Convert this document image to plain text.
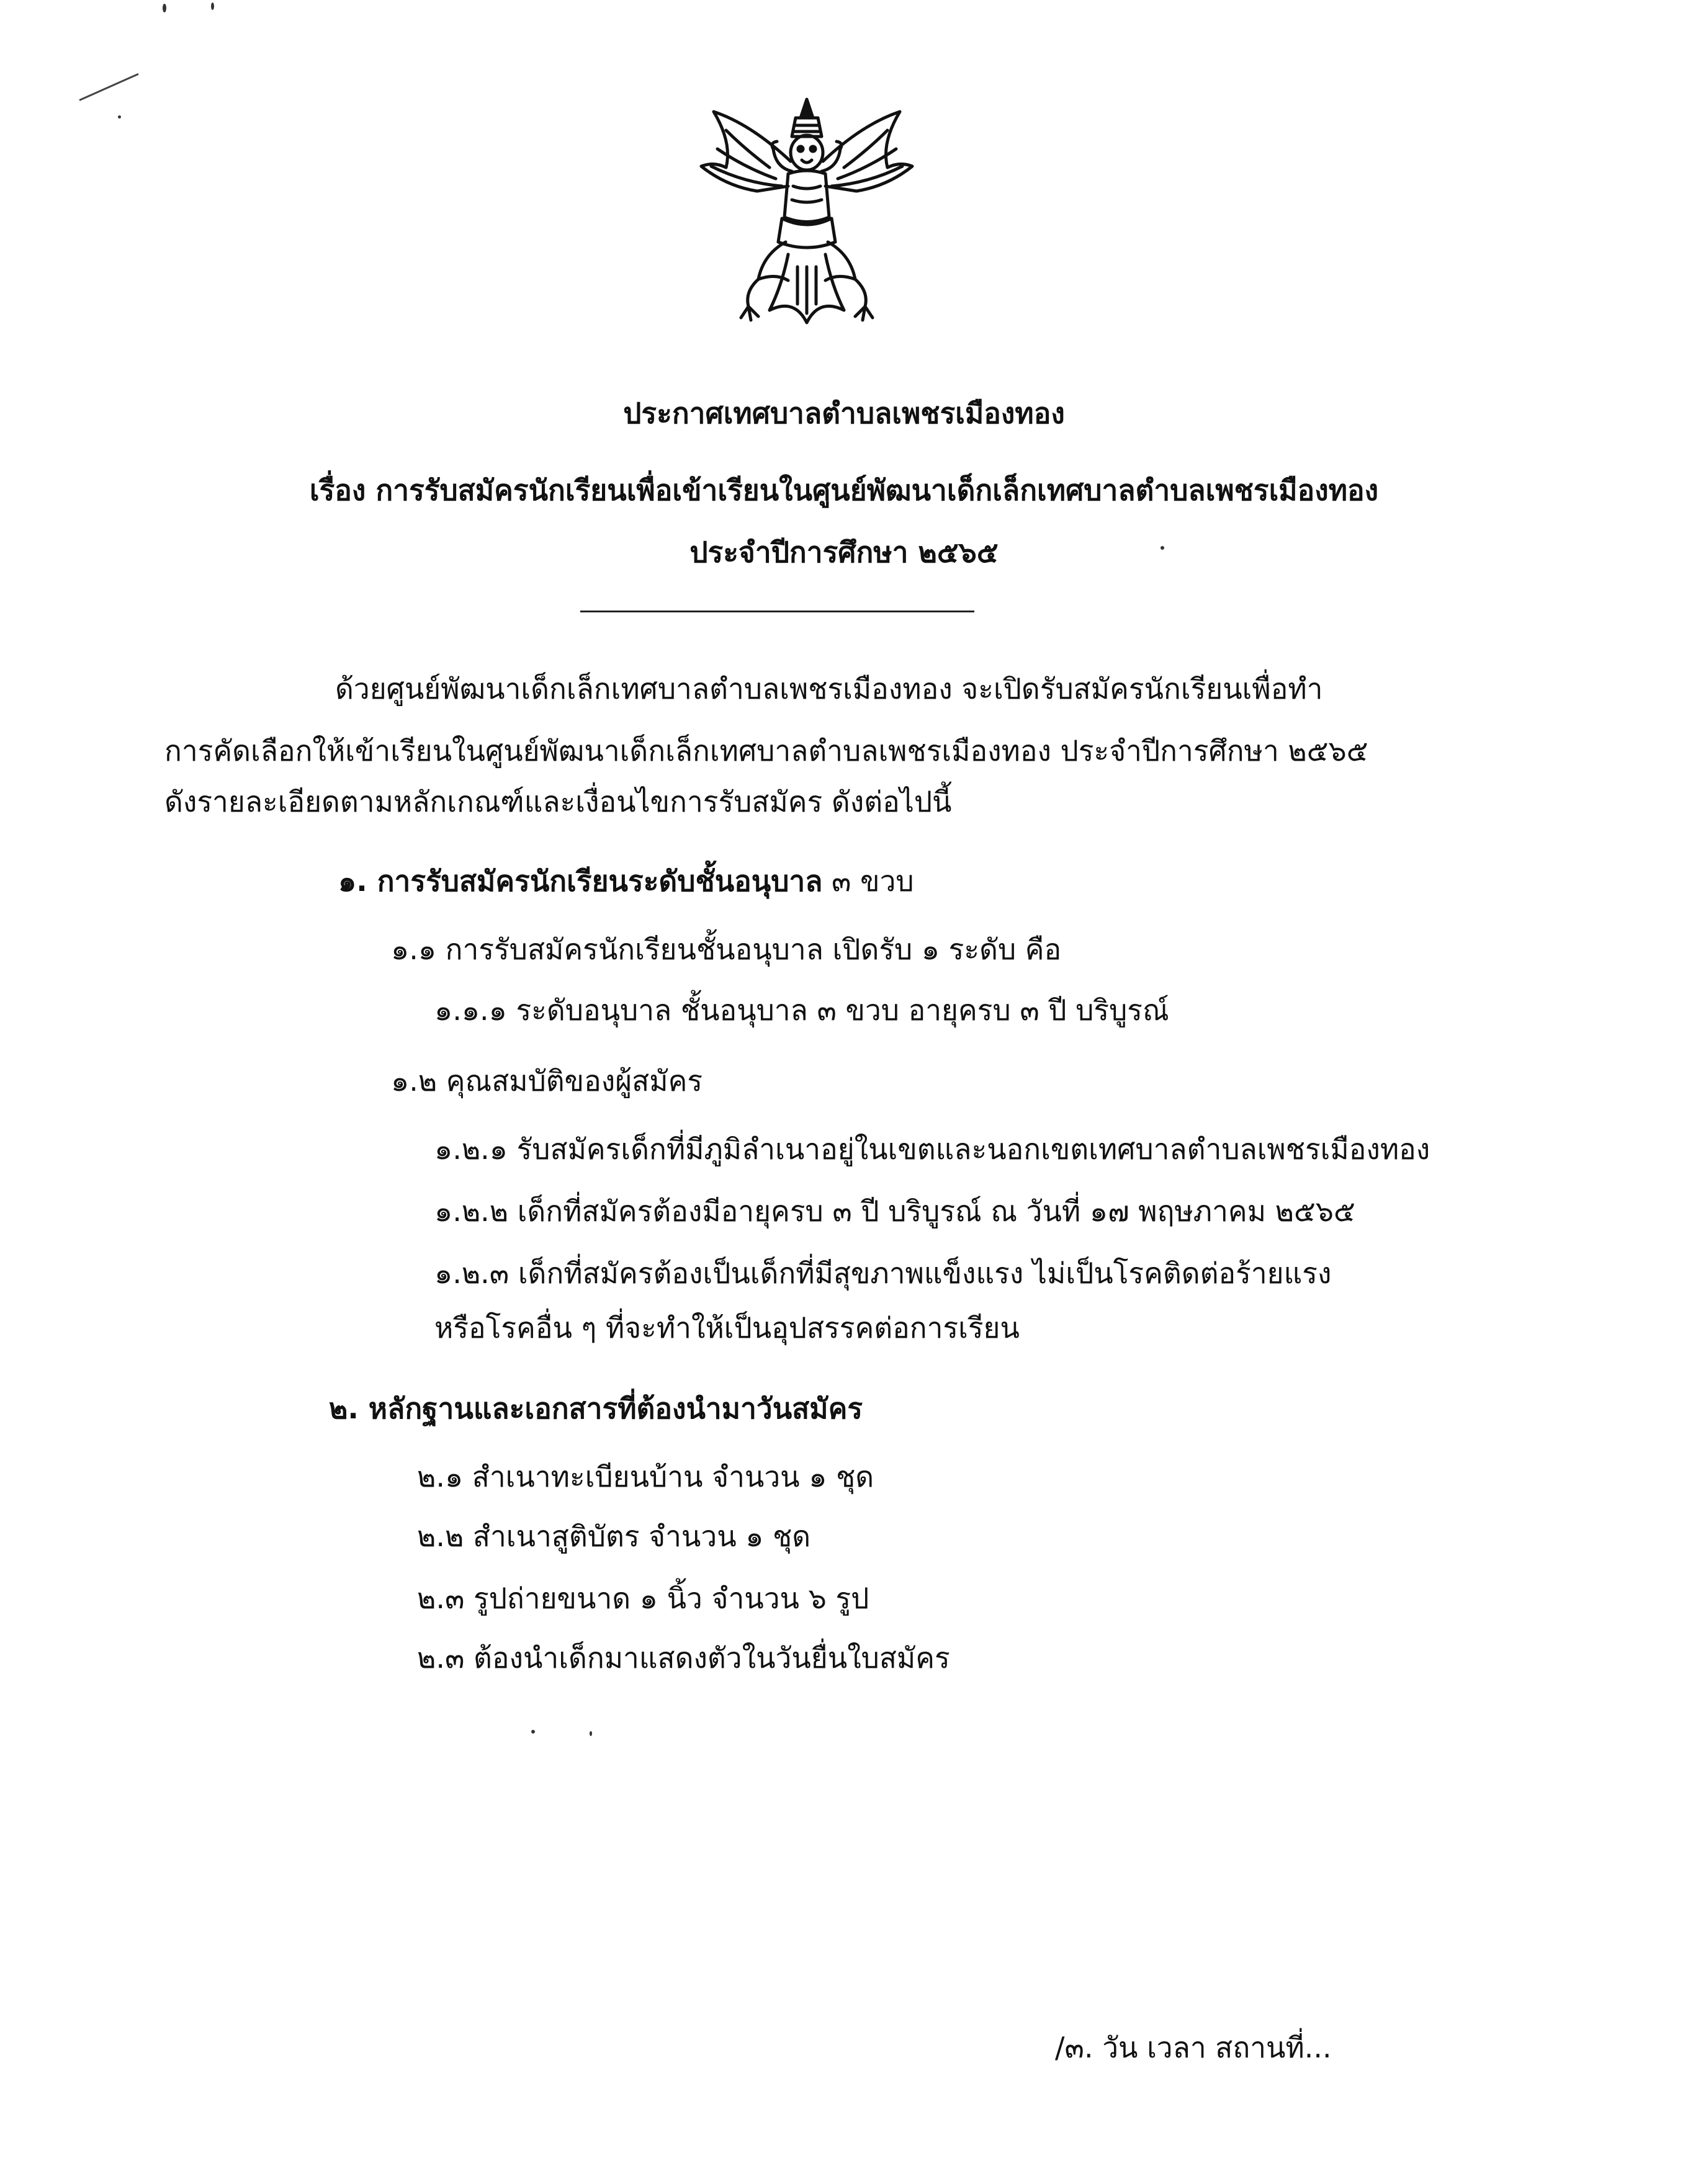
ประกาศเทศบาลตำบลเพชรเมืองทอง
เรื่อง การรับสมัครนักเรียนเพื่อเข้าเรียนในศูนย์พัฒนาเด็กเล็กเทศบาลตำบลเพชรเมืองทอง
ประจำปีการศึกษา ๒๕๖๕
ด้วยศูนย์พัฒนาเด็กเล็กเทศบาลตำบลเพชรเมืองทอง จะเปิดรับสมัครนักเรียนเพื่อทำ
การคัดเลือกให้เข้าเรียนในศูนย์พัฒนาเด็กเล็กเทศบาลตำบลเพชรเมืองทอง ประจำปีการศึกษา ๒๕๖๕
ดังรายละเอียดตามหลักเกณฑ์และเงื่อนไขการรับสมัคร ดังต่อไปนี้
๑. การรับสมัครนักเรียนระดับชั้นอนุบาล ๓ ขวบ
๑.๑ การรับสมัครนักเรียนชั้นอนุบาล เปิดรับ ๑ ระดับ คือ
๑.๑.๑ ระดับอนุบาล ชั้นอนุบาล ๓ ขวบ อายุครบ ๓ ปี บริบูรณ์
๑.๒ คุณสมบัติของผู้สมัคร
๑.๒.๑ รับสมัครเด็กที่มีภูมิลำเนาอยู่ในเขตและนอกเขตเทศบาลตำบลเพชรเมืองทอง
๑.๒.๒ เด็กที่สมัครต้องมีอายุครบ ๓ ปี บริบูรณ์ ณ วันที่ ๑๗ พฤษภาคม ๒๕๖๕
๑.๒.๓ เด็กที่สมัครต้องเป็นเด็กที่มีสุขภาพแข็งแรง ไม่เป็นโรคติดต่อร้ายแรง
หรือโรคอื่น ๆ ที่จะทำให้เป็นอุปสรรคต่อการเรียน
๒. หลักฐานและเอกสารที่ต้องนำมาวันสมัคร
๒.๑ สำเนาทะเบียนบ้าน จำนวน ๑ ชุด
๒.๒ สำเนาสูติบัตร จำนวน ๑ ชุด
๒.๓ รูปถ่ายขนาด ๑ นิ้ว จำนวน ๖ รูป
๒.๓ ต้องนำเด็กมาแสดงตัวในวันยื่นใบสมัคร
/๓. วัน เวลา สถานที่...
